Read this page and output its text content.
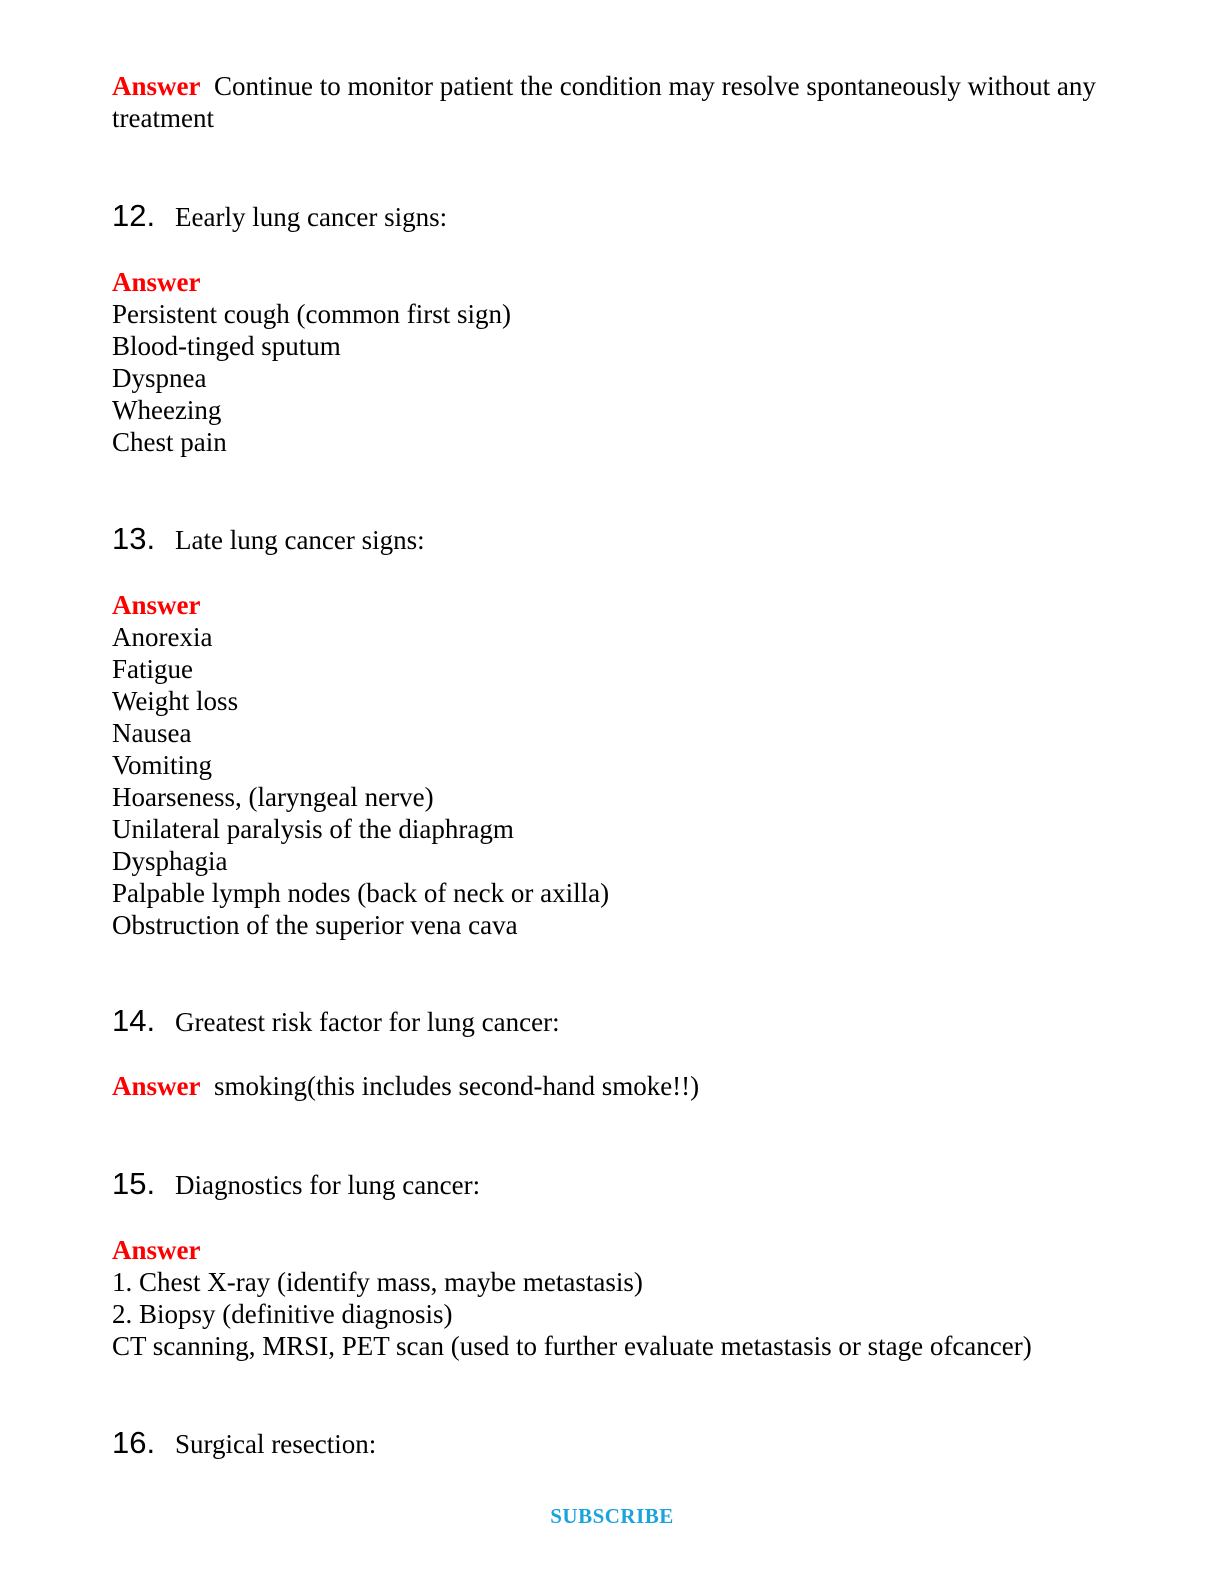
Answer Continue to monitor patient the condition may resolve spontaneously without any treatment
12. Eearly lung cancer signs:
Answer
Persistent cough (common first sign)
Blood-tinged sputum
Dyspnea
Wheezing
Chest pain
13. Late lung cancer signs:
Answer
Anorexia
Fatigue
Weight loss
Nausea
Vomiting
Hoarseness, (laryngeal nerve)
Unilateral paralysis of the diaphragm
Dysphagia
Palpable lymph nodes (back of neck or axilla)
Obstruction of the superior vena cava
14. Greatest risk factor for lung cancer:
Answer smoking(this includes second-hand smoke!!)
15. Diagnostics for lung cancer:
Answer
1. Chest X-ray (identify mass, maybe metastasis)
2. Biopsy (definitive diagnosis)
CT scanning, MRSI, PET scan (used to further evaluate metastasis or stage ofcancer)
16. Surgical resection:
SUBSCRIBE
